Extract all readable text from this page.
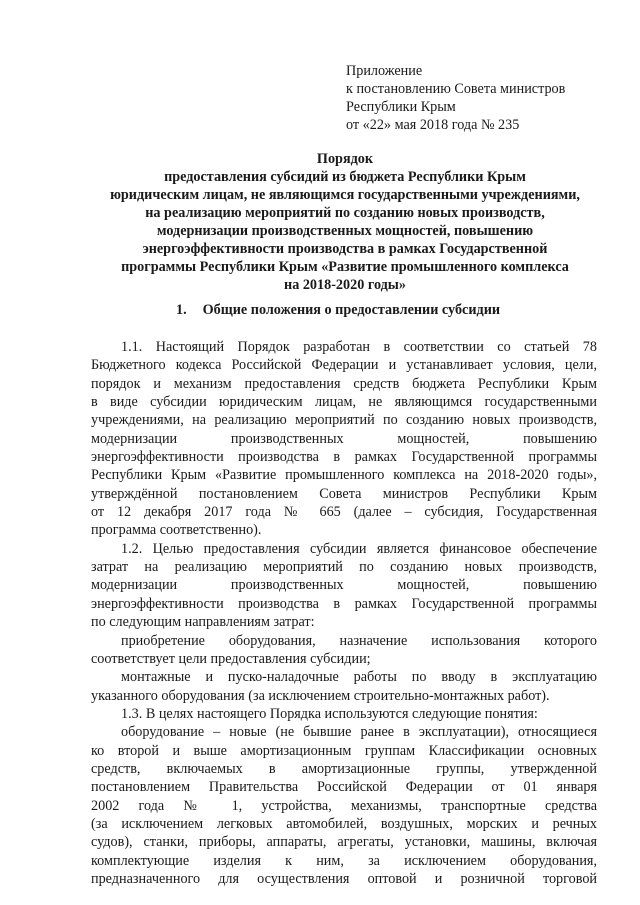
Приложение
к постановлению Совета министров
Республики Крым
от «22» мая 2018 года № 235
Порядок
предоставления субсидий из бюджета Республики Крым
юридическим лицам, не являющимся государственными учреждениями,
на реализацию мероприятий по созданию новых производств,
модернизации производственных мощностей, повышению
энергоэффективности производства в рамках Государственной
программы Республики Крым «Развитие промышленного комплекса
на 2018-2020 годы»
1. Общие положения о предоставлении субсидии
1.1. Настоящий Порядок разработан в соответствии со статьей 78
Бюджетного кодекса Российской Федерации и устанавливает условия, цели,
порядок и механизм предоставления средств бюджета Республики Крым
в виде субсидии юридическим лицам, не являющимся государственными
учреждениями, на реализацию мероприятий по созданию новых производств,
модернизации производственных мощностей, повышению
энергоэффективности производства в рамках Государственной программы
Республики Крым «Развитие промышленного комплекса на 2018-2020 годы»,
утверждённой постановлением Совета министров Республики Крым
от 12 декабря 2017 года № 665 (далее – субсидия, Государственная
программа соответственно).
1.2. Целью предоставления субсидии является финансовое обеспечение
затрат на реализацию мероприятий по созданию новых производств,
модернизации производственных мощностей, повышению
энергоэффективности производства в рамках Государственной программы
по следующим направлениям затрат:
приобретение оборудования, назначение использования которого
соответствует цели предоставления субсидии;
монтажные и пуско-наладочные работы по вводу в эксплуатацию
указанного оборудования (за исключением строительно-монтажных работ).
1.3. В целях настоящего Порядка используются следующие понятия:
оборудование – новые (не бывшие ранее в эксплуатации), относящиеся
ко второй и выше амортизационным группам Классификации основных
средств, включаемых в амортизационные группы, утвержденной
постановлением Правительства Российской Федерации от 01 января
2002 года № 1, устройства, механизмы, транспортные средства
(за исключением легковых автомобилей, воздушных, морских и речных
судов), станки, приборы, аппараты, агрегаты, установки, машины, включая
комплектующие изделия к ним, за исключением оборудования,
предназначенного для осуществления оптовой и розничной торговой
